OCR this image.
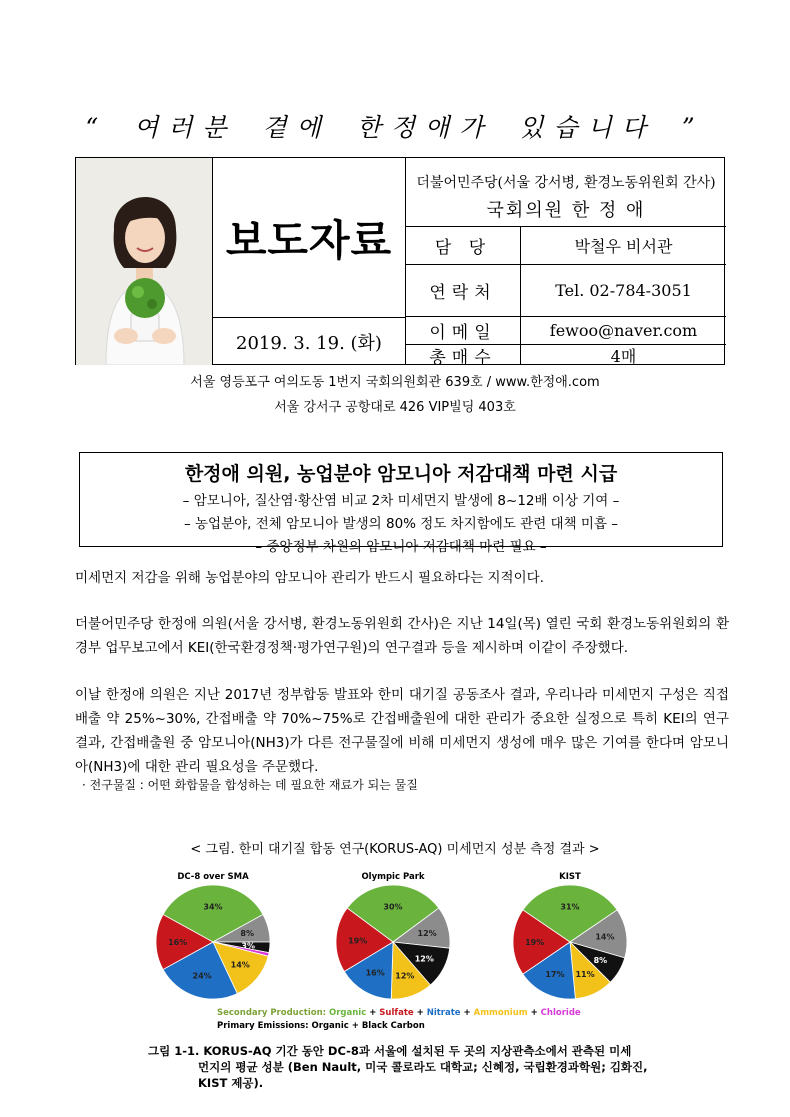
“ 여러분 곁에 한정애가 있습니다 ”
보도자료
2019. 3. 19. (화)
더불어민주당(서울 강서병, 환경노동위원회 간사)
국회의원 한 정 애
담 당	박철우 비서관
연락처	Tel. 02-784-3051
이메일	fewoo@naver.com
총매수	4매
서울 영등포구 여의도동 1번지 국회의원회관 639호 / www.한정애.com
서울 강서구 공항대로 426 VIP빌딩 403호
한정애 의원, 농업분야 암모니아 저감대책 마련 시급
– 암모니아, 질산염·황산염 비교 2차 미세먼지 발생에 8~12배 이상 기여 –
– 농업분야, 전체 암모니아 발생의 80% 정도 차지함에도 관련 대책 미흡 –
– 중앙정부 차원의 암모니아 저감대책 마련 필요 –
미세먼지 저감을 위해 농업분야의 암모니아 관리가 반드시 필요하다는 지적이다.
더불어민주당 한정애 의원(서울 강서병, 환경노동위원회 간사)은 지난 14일(목) 열린 국회 환경노동위원회의 환경부 업무보고에서 KEI(한국환경정책·평가연구원)의 연구결과 등을 제시하며 이같이 주장했다.
이날 한정애 의원은 지난 2017년 정부합동 발표와 한미 대기질 공동조사 결과, 우리나라 미세먼지 구성은 직접배출 약 25%~30%, 간접배출 약 70%~75%로 간접배출원에 대한 관리가 중요한 실정으로 특히 KEI의 연구결과, 간접배출원 중 암모니아(NH3)가 다른 전구물질에 비해 미세먼지 생성에 매우 많은 기여를 한다며 암모니아(NH3)에 대한 관리 필요성을 주문했다.
· 전구물질 : 어떤 화합물을 합성하는 데 필요한 재료가 되는 물질
< 그림. 한미 대기질 합동 연구(KORUS-AQ) 미세먼지 성분 측정 결과 >
DC-8 over SMA
34%
8%
3%
14%
24%
16%
Olympic Park
30%
12%
12%
12%
16%
19%
KIST
31%
14%
8%
11%
17%
19%
Secondary Production: Organic + Sulfate + Nitrate + Ammonium + Chloride
Primary Emissions: Organic + Black Carbon
그림 1-1. KORUS-AQ 기간 동안 DC-8과 서울에 설치된 두 곳의 지상관측소에서 관측된 미세
먼지의 평균 성분 (Ben Nault, 미국 콜로라도 대학교; 신혜정, 국립환경과학원; 김화진, KIST 제공).
